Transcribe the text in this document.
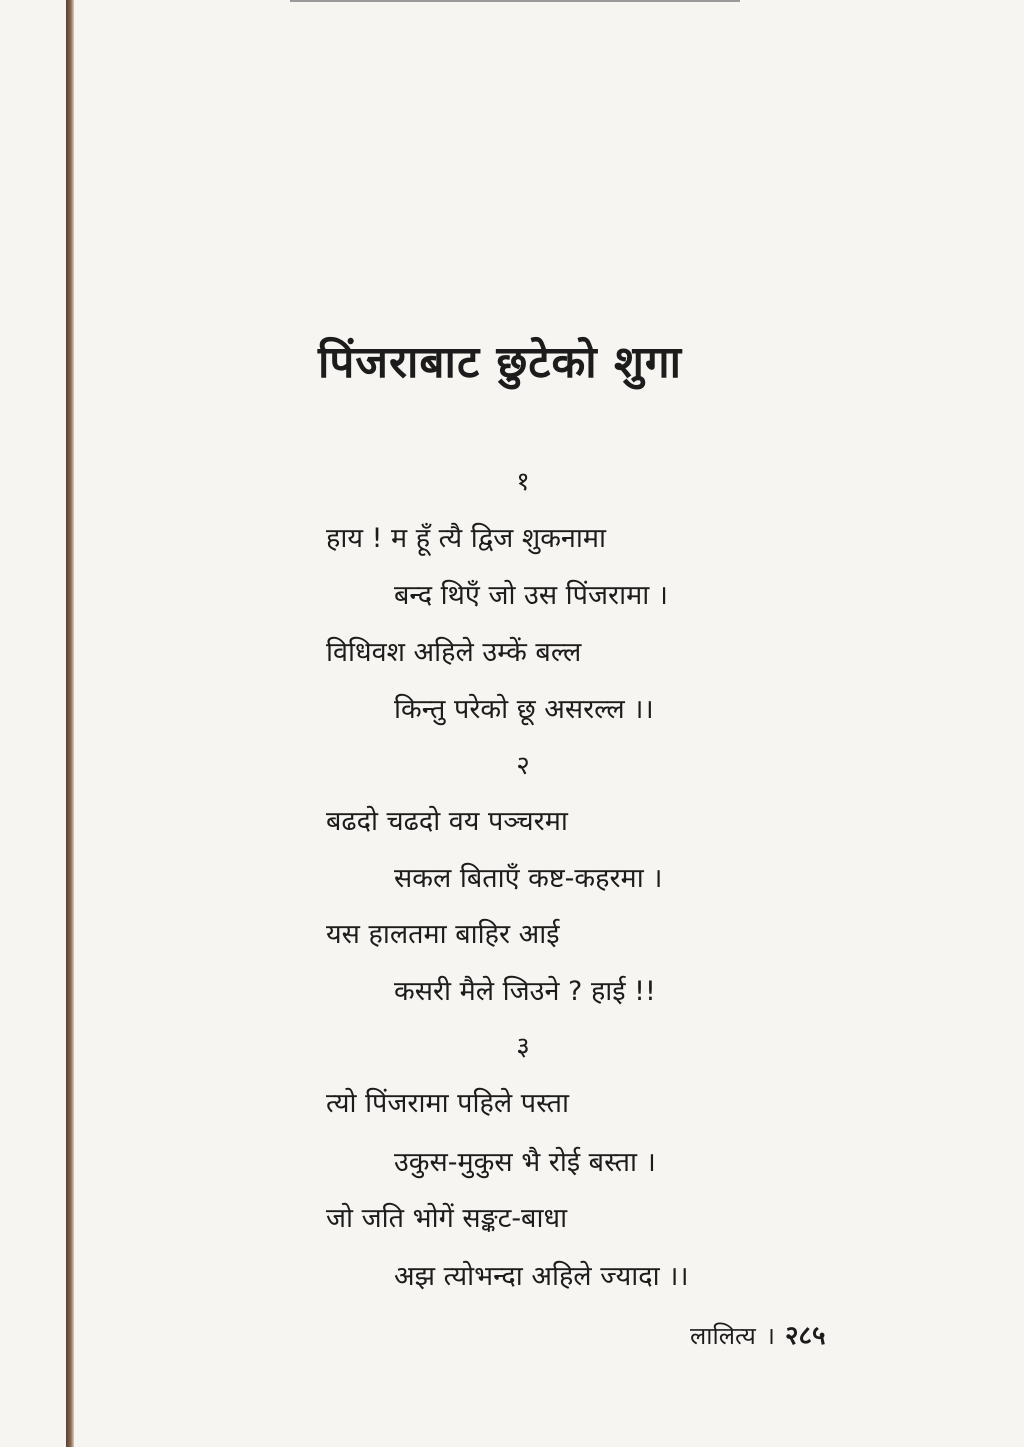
पिंजराबाट छुटेको शुगा
१
हाय ! म हूँ त्यै द्विज शुकनामा
बन्द थिएँ जो उस पिंजरामा ।
विधिवश अहिले उम्कें बल्ल
किन्तु परेको छू असरल्ल ।।
२
बढदो चढदो वय पञ्चरमा
सकल बिताएँ कष्ट-कहरमा ।
यस हालतमा बाहिर आई
कसरी मैले जिउने ? हाई !!
३
त्यो पिंजरामा पहिले पस्ता
उकुस-मुकुस भै रोई बस्ता ।
जो जति भोगें सङ्कट-बाधा
अझ त्योभन्दा अहिले ज्यादा ।।
लालित्य । २८५
